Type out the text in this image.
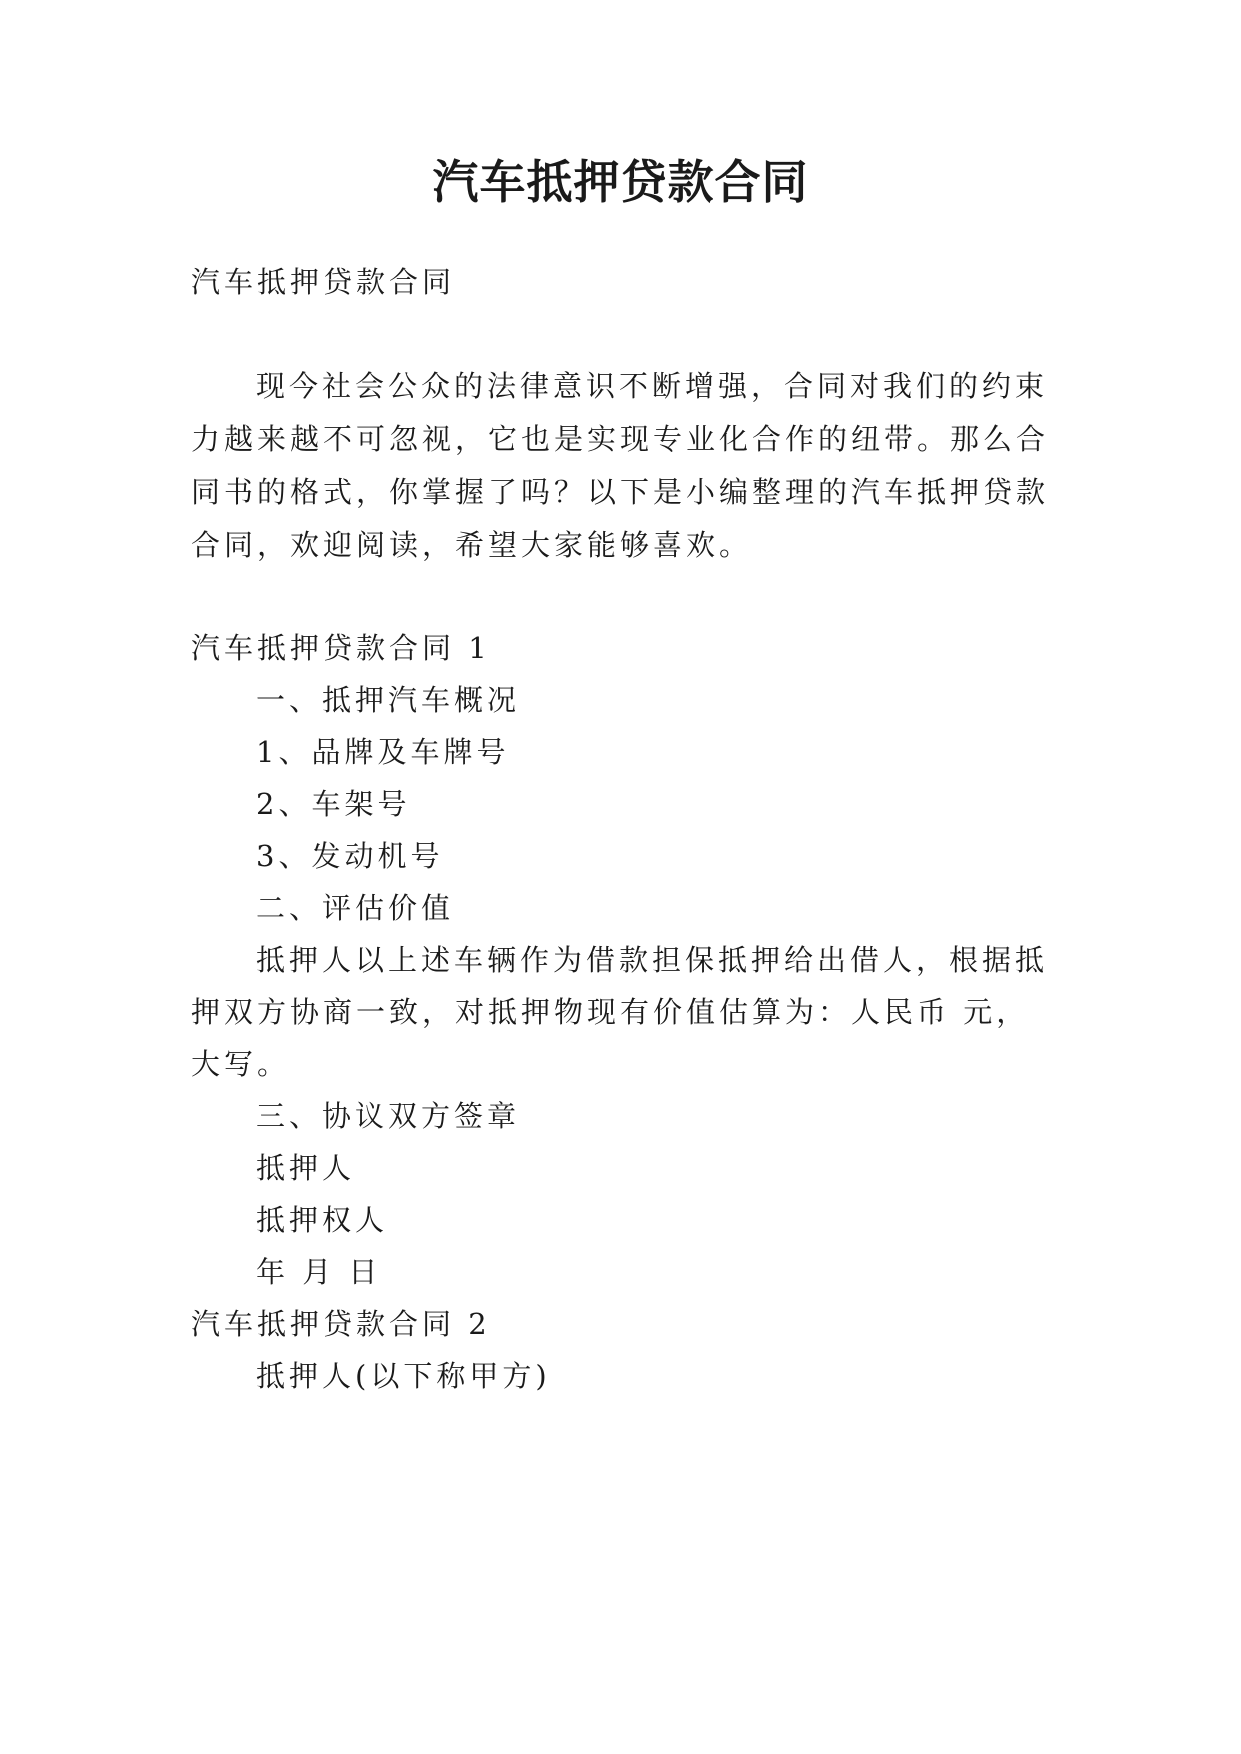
汽车抵押贷款合同
汽车抵押贷款合同
现今社会公众的法律意识不断增强，合同对我们的约束
力越来越不可忽视，它也是实现专业化合作的纽带。那么合
同书的格式，你掌握了吗？以下是小编整理的汽车抵押贷款
合同，欢迎阅读，希望大家能够喜欢。
汽车抵押贷款合同 1
一、抵押汽车概况
1、品牌及车牌号
2、车架号
3、发动机号
二、评估价值
抵押人以上述车辆作为借款担保抵押给出借人，根据抵
押双方协商一致，对抵押物现有价值估算为：人民币 元，
大写。
三、协议双方签章
抵押人
抵押权人
年 月 日
汽车抵押贷款合同 2
抵押人(以下称甲方)
